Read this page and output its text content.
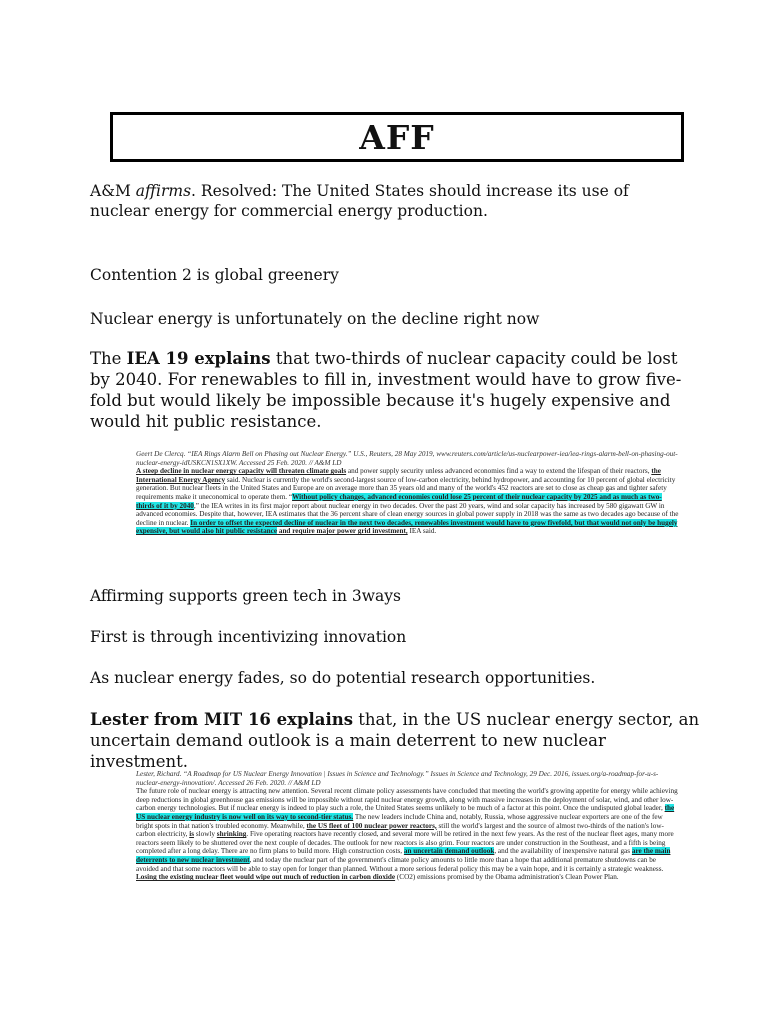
AFF

A&M affirms. Resolved: The United States should increase its use of nuclear energy for commercial energy production.

Contention 2 is global greenery

Nuclear energy is unfortunately on the decline right now

The IEA 19 explains that two-thirds of nuclear capacity could be lost by 2040. For renewables to fill in, investment would have to grow five-fold but would likely be impossible because it's hugely expensive and would hit public resistance.

Geert De Clercq. “IEA Rings Alarm Bell on Phasing out Nuclear Energy.” U.S., Reuters, 28 May 2019, www.reuters.com/article/us-nuclearpower-iea/iea-rings-alarm-bell-on-phasing-out-nuclear-energy-idUSKCN1SX1XW. Accessed 25 Feb. 2020. // A&M LD
A steep decline in nuclear energy capacity will threaten climate goals and power supply security unless advanced economies find a way to extend the lifespan of their reactors, the International Energy Agency said. Nuclear is currently the world's second-largest source of low-carbon electricity, behind hydropower, and accounting for 10 percent of global electricity generation. But nuclear fleets in the United States and Europe are on average more than 35 years old and many of the world's 452 reactors are set to close as cheap gas and tighter safety requirements make it uneconomical to operate them. “Without policy changes, advanced economies could lose 25 percent of their nuclear capacity by 2025 and as much as two-thirds of it by 2040,” the IEA writes in its first major report about nuclear energy in two decades. Over the past 20 years, wind and solar capacity has increased by 580 gigawatt GW in advanced economies. Despite that, however, IEA estimates that the 36 percent share of clean energy sources in global power supply in 2018 was the same as two decades ago because of the decline in nuclear. In order to offset the expected decline of nuclear in the next two decades, renewables investment would have to grow fivefold, but that would not only be hugely expensive, but would also hit public resistance and require major power grid investment, IEA said.

Affirming supports green tech in 3ways

First is through incentivizing innovation

As nuclear energy fades, so do potential research opportunities.

Lester from MIT 16 explains that, in the US nuclear energy sector, an uncertain demand outlook is a main deterrent to new nuclear investment.

Lester, Richard. “A Roadmap for US Nuclear Energy Innovation | Issues in Science and Technology.” Issues in Science and Technology, 29 Dec. 2016, issues.org/a-roadmap-for-u-s-nuclear-energy-innovation/. Accessed 26 Feb. 2020. // A&M LD
The future role of nuclear energy is attracting new attention. Several recent climate policy assessments have concluded that meeting the world's growing appetite for energy while achieving deep reductions in global greenhouse gas emissions will be impossible without rapid nuclear energy growth, along with massive increases in the deployment of solar, wind, and other low-carbon energy technologies. But if nuclear energy is indeed to play such a role, the United States seems unlikely to be much of a factor at this point. Once the undisputed global leader, the US nuclear energy industry is now well on its way to second-tier status. The new leaders include China and, notably, Russia, whose aggressive nuclear exporters are one of the few bright spots in that nation's troubled economy. Meanwhile, the US fleet of 100 nuclear power reactors, still the world's largest and the source of almost two-thirds of the nation's low-carbon electricity, is slowly shrinking. Five operating reactors have recently closed, and several more will be retired in the next few years. As the rest of the nuclear fleet ages, many more reactors seem likely to be shuttered over the next couple of decades. The outlook for new reactors is also grim. Four reactors are under construction in the Southeast, and a fifth is being completed after a long delay. There are no firm plans to build more. High construction costs, an uncertain demand outlook, and the availability of inexpensive natural gas are the main deterrents to new nuclear investment, and today the nuclear part of the government's climate policy amounts to little more than a hope that additional premature shutdowns can be avoided and that some reactors will be able to stay open for longer than planned. Without a more serious federal policy this may be a vain hope, and it is certainly a strategic weakness. Losing the existing nuclear fleet would wipe out much of reduction in carbon dioxide (CO2) emissions promised by the Obama administration's Clean Power Plan.
